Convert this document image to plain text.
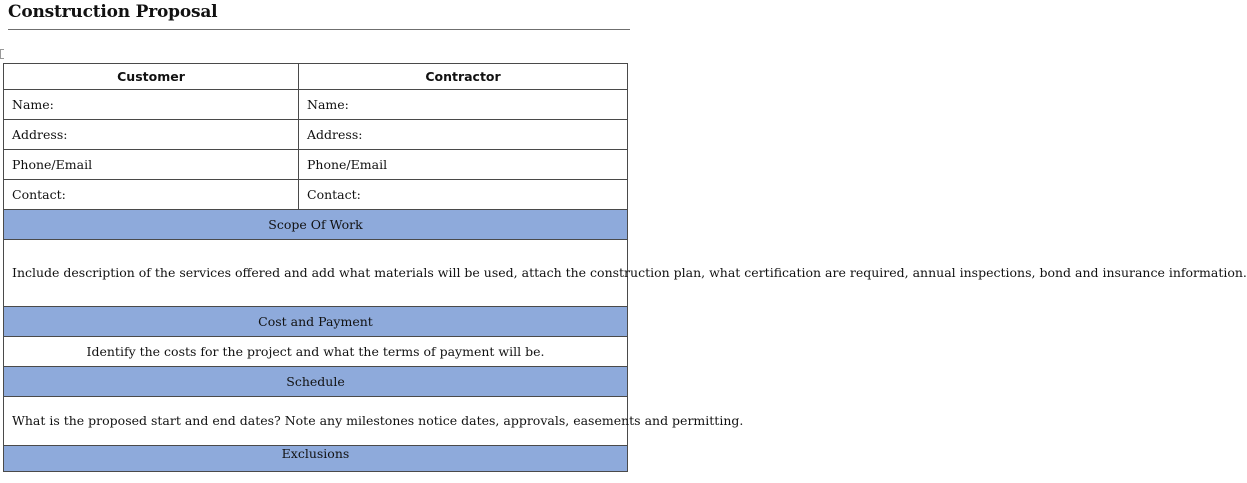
Construction Proposal
Customer	Contractor
Name:	Name:
Address:	Address:
Phone/Email	Phone/Email
Contact:	Contact:
Scope Of Work	
Include description of the services offered and add what materials will be used, attach the construction plan, what certification are required, annual inspections, bond and insurance information.	
Cost and Payment	
Identify the costs for the project and what the terms of payment will be.	
Schedule	
What is the proposed start and end dates? Note any milestones notice dates, approvals, easements and permitting.	
Exclusions	
